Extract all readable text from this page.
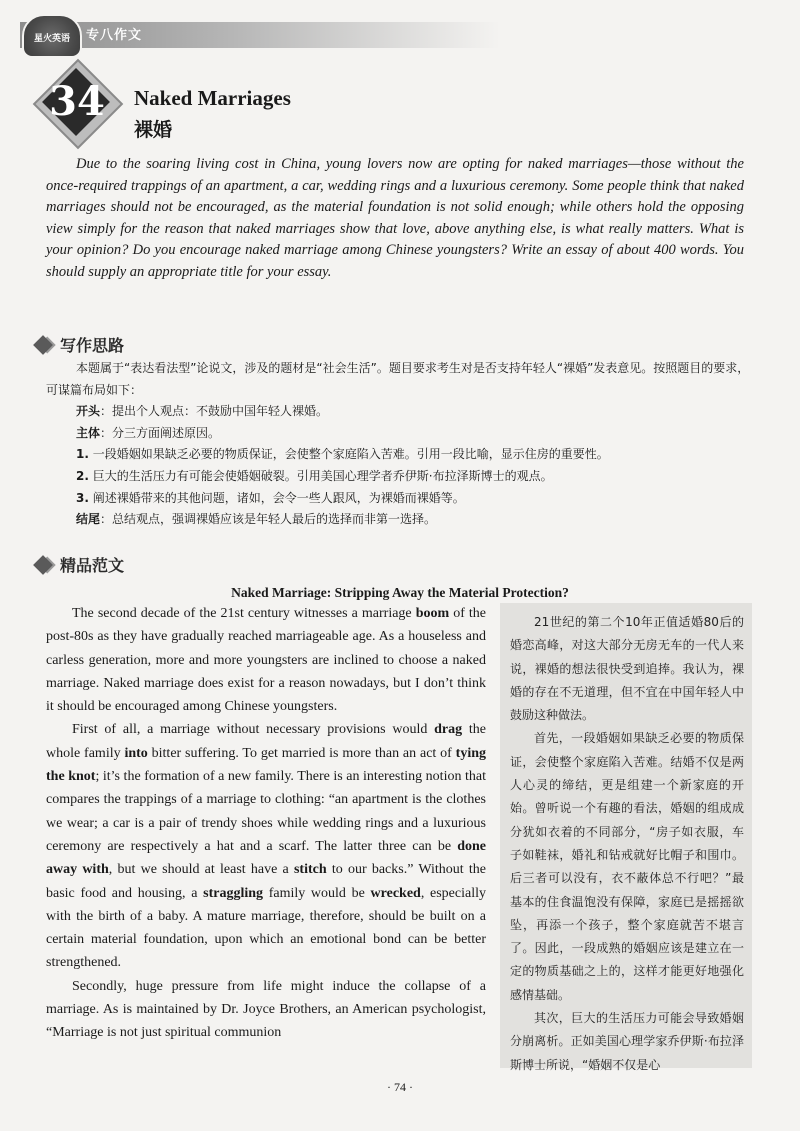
星火英语	专八作文
34 Naked Marriages
裸婚

Due to the soaring living cost in China, young lovers now are opting for naked marriages—those without the once-required trappings of an apartment, a car, wedding rings and a luxurious ceremony. Some people think that naked marriages should not be encouraged, as the material foundation is not solid enough; while others hold the opposing view simply for the reason that naked marriages show that love, above anything else, is what really matters. What is your opinion? Do you encourage naked marriage among Chinese youngsters? Write an essay of about 400 words. You should supply an appropriate title for your essay.

写作思路

本题属于“表达看法型”论说文，涉及的题材是“社会生活”。题目要求考生对是否支持年轻人“裸婚”发表意见。按照题目的要求，可谋篇布局如下：

开头：提出个人观点：不鼓励中国年轻人裸婚。

主体：分三方面阐述原因。

1. 一段婚姻如果缺乏必要的物质保证，会使整个家庭陷入苦难。引用一段比喻，显示住房的重要性。

2. 巨大的生活压力有可能会使婚姻破裂。引用美国心理学者乔伊斯·布拉泽斯博士的观点。

3. 阐述裸婚带来的其他问题，诸如，会令一些人跟风，为裸婚而裸婚等。

结尾：总结观点，强调裸婚应该是年轻人最后的选择而非第一选择。

精品范文
Naked Marriage: Stripping Away the Material Protection?

The second decade of the 21st century witnesses a marriage boom of the post-80s as they have gradually reached marriageable age. As a houseless and carless generation, more and more youngsters are inclined to choose a naked marriage. Naked marriage does exist for a reason nowadays, but I don’t think it should be encouraged among Chinese youngsters.

First of all, a marriage without necessary provisions would drag the whole family into bitter suffering. To get married is more than an act of tying the knot; it’s the formation of a new family. There is an interesting notion that compares the trappings of a marriage to clothing: “an apartment is the clothes we wear; a car is a pair of trendy shoes while wedding rings and a luxurious ceremony are respectively a hat and a scarf. The latter three can be done away with, but we should at least have a stitch to our backs.” Without the basic food and housing, a straggling family would be wrecked, especially with the birth of a baby. A mature marriage, therefore, should be built on a certain material foundation, upon which an emotional bond can be better strengthened.

Secondly, huge pressure from life might induce the collapse of a marriage. As is maintained by Dr. Joyce Brothers, an American psychologist, “Marriage is not just spiritual communion

21世纪的第二个10年正值适婚80后的婚恋高峰，对这大部分无房无车的一代人来说，裸婚的想法很快受到追捧。我认为，裸婚的存在不无道理，但不宜在中国年轻人中鼓励这种做法。

首先，一段婚姻如果缺乏必要的物质保证，会使整个家庭陷入苦难。结婚不仅是两人心灵的缔结，更是组建一个新家庭的开始。曾听说一个有趣的看法，婚姻的组成成分犹如衣着的不同部分，“房子如衣服，车子如鞋袜，婚礼和钻戒就好比帽子和围巾。后三者可以没有，衣不蔽体总不行吧？”最基本的住食温饱没有保障，家庭已是摇摇欲坠，再添一个孩子，整个家庭就苦不堪言了。因此，一段成熟的婚姻应该是建立在一定的物质基础之上的，这样才能更好地强化感情基础。

其次，巨大的生活压力可能会导致婚姻分崩离析。正如美国心理学家乔伊斯·布拉泽斯博士所说，“婚姻不仅是心

· 74 ·
